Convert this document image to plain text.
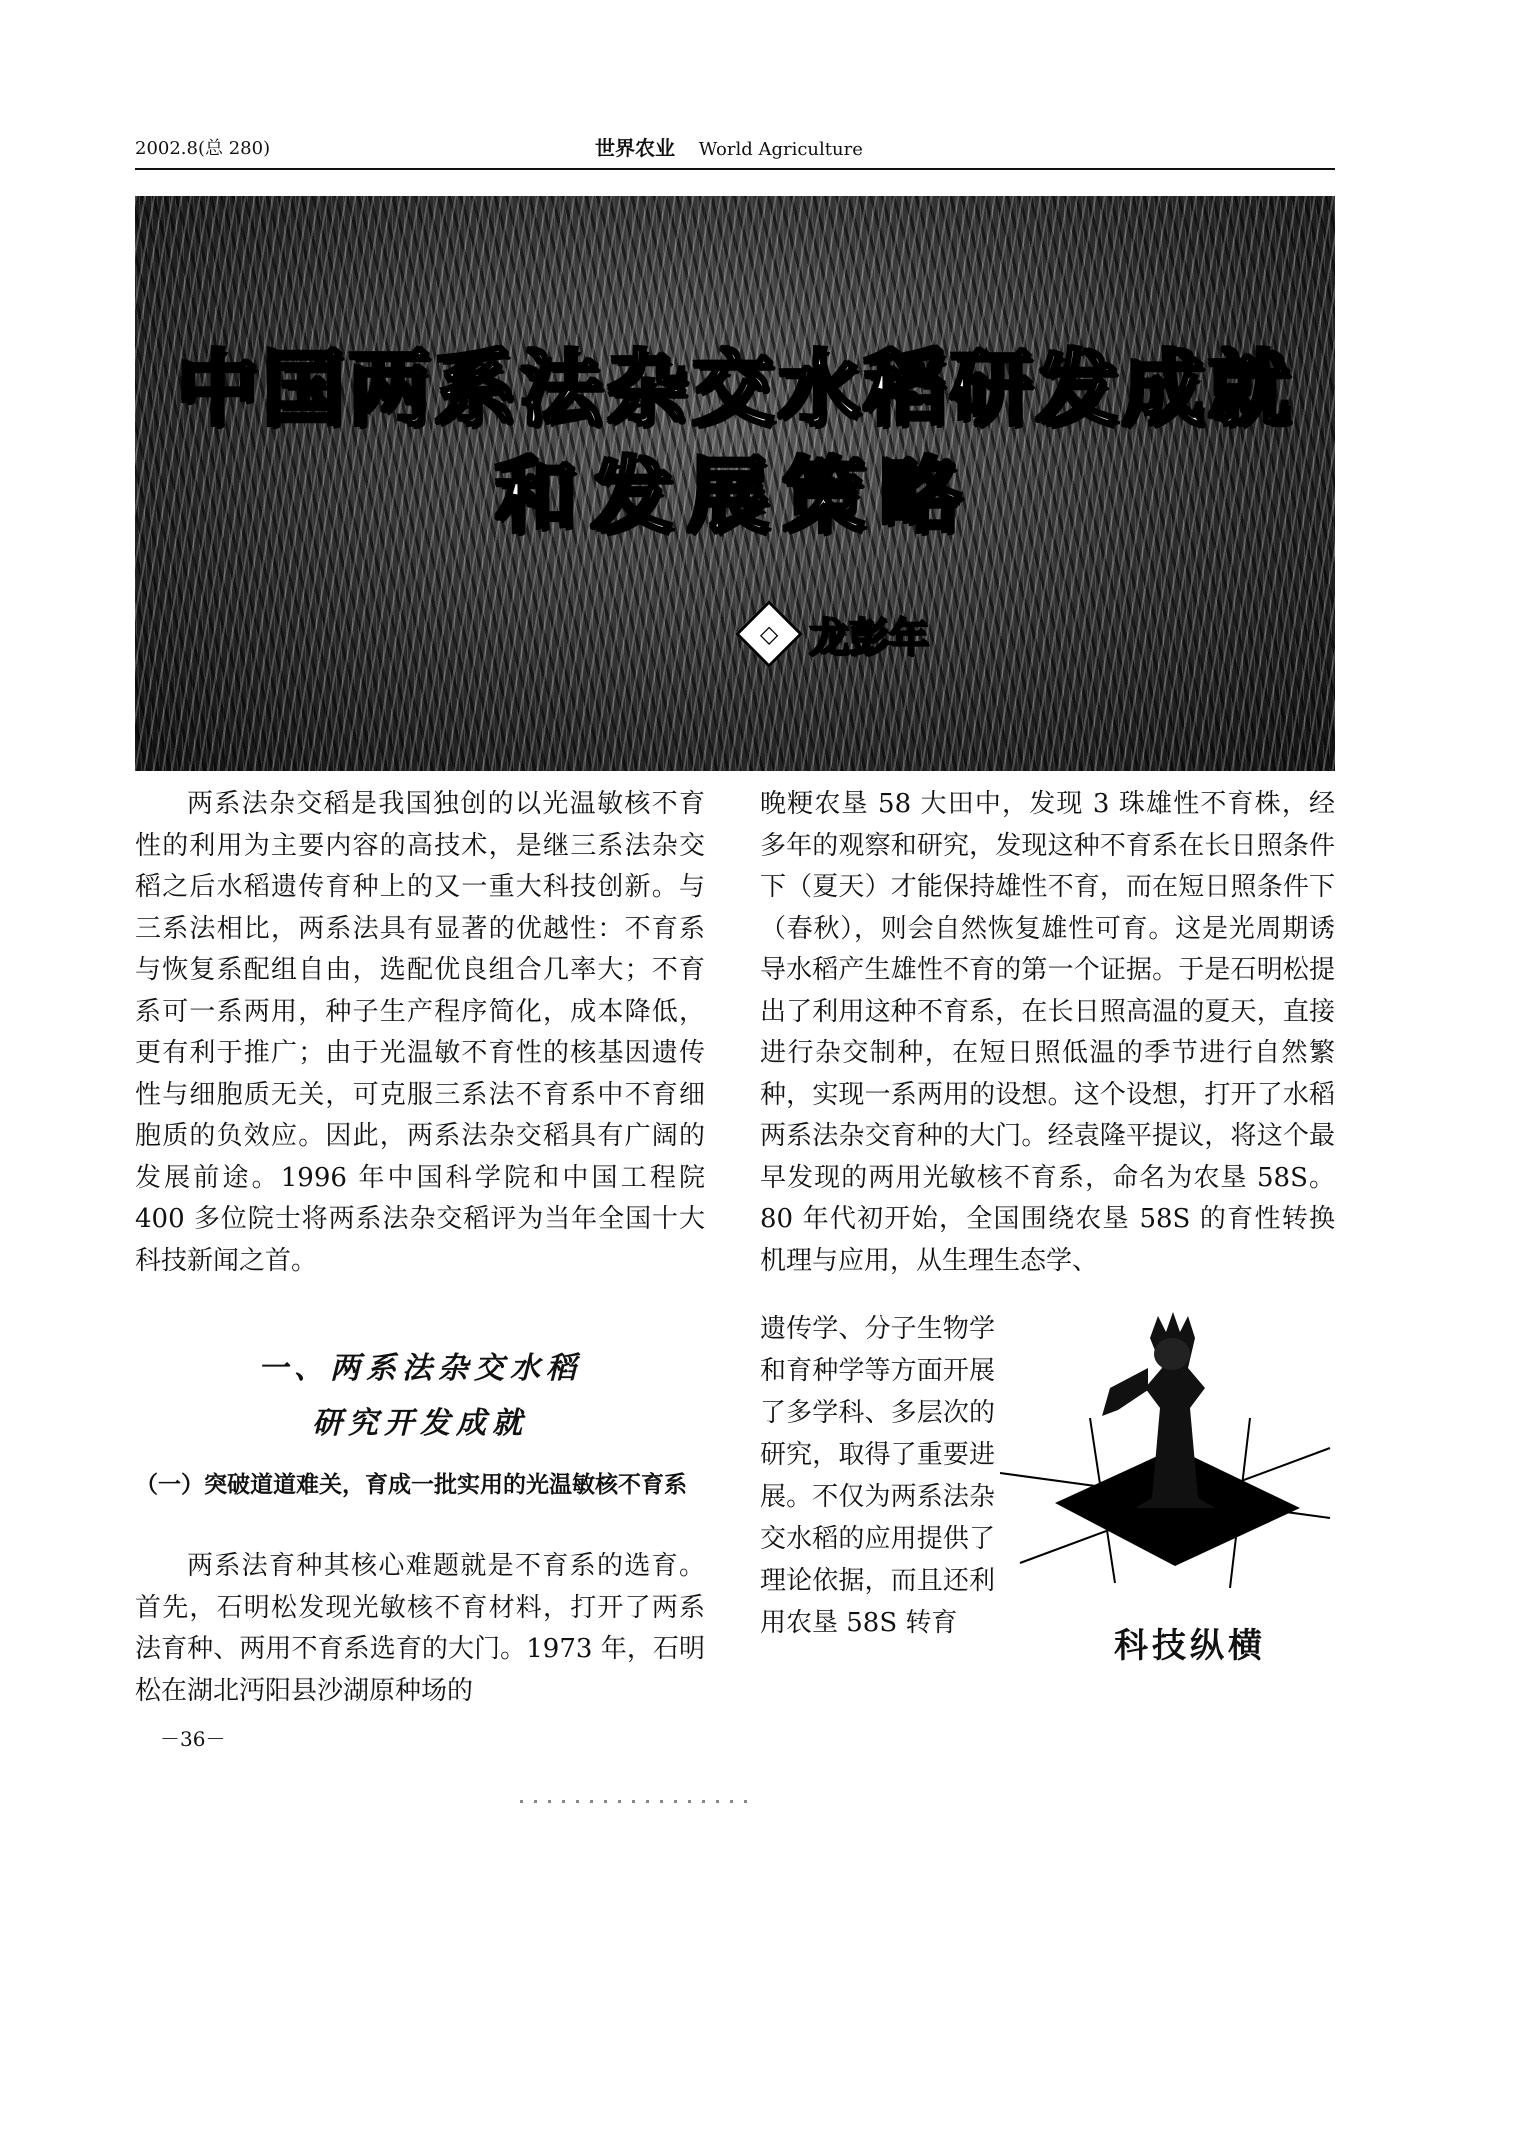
2002.8(总 280)	世界农业 World Agriculture
中国两系法杂交水稻研发成就
和发展策略
◇ 龙彭年

两系法杂交稻是我国独创的以光温敏核不育性的利用为主要内容的高技术，是继三系法杂交稻之后水稻遗传育种上的又一重大科技创新。与三系法相比，两系法具有显著的优越性：不育系与恢复系配组自由，选配优良组合几率大；不育系可一系两用，种子生产程序简化，成本降低，更有利于推广；由于光温敏不育性的核基因遗传性与细胞质无关，可克服三系法不育系中不育细胞质的负效应。因此，两系法杂交稻具有广阔的发展前途。1996 年中国科学院和中国工程院 400 多位院士将两系法杂交稻评为当年全国十大科技新闻之首。

一、两系法杂交水稻
研究开发成就
（一）突破道道难关，育成一批实用的光温敏核不育系

两系法育种其核心难题就是不育系的选育。首先，石明松发现光敏核不育材料，打开了两系法育种、两用不育系选育的大门。1973 年，石明松在湖北沔阳县沙湖原种场的

晚粳农垦 58 大田中，发现 3 珠雄性不育株，经多年的观察和研究，发现这种不育系在长日照条件下（夏天）才能保持雄性不育，而在短日照条件下（春秋），则会自然恢复雄性可育。这是光周期诱导水稻产生雄性不育的第一个证据。于是石明松提出了利用这种不育系，在长日照高温的夏天，直接进行杂交制种，在短日照低温的季节进行自然繁种，实现一系两用的设想。这个设想，打开了水稻两系法杂交育种的大门。经袁隆平提议，将这个最早发现的两用光敏核不育系，命名为农垦 58S。80 年代初开始，全国围绕农垦 58S 的育性转换机理与应用，从生理生态学、

遗传学、分子生物学和育种学等方面开展了多学科、多层次的研究，取得了重要进展。不仅为两系法杂交水稻的应用提供了理论依据，而且还利用农垦 58S 转育

科技纵横
－36－
